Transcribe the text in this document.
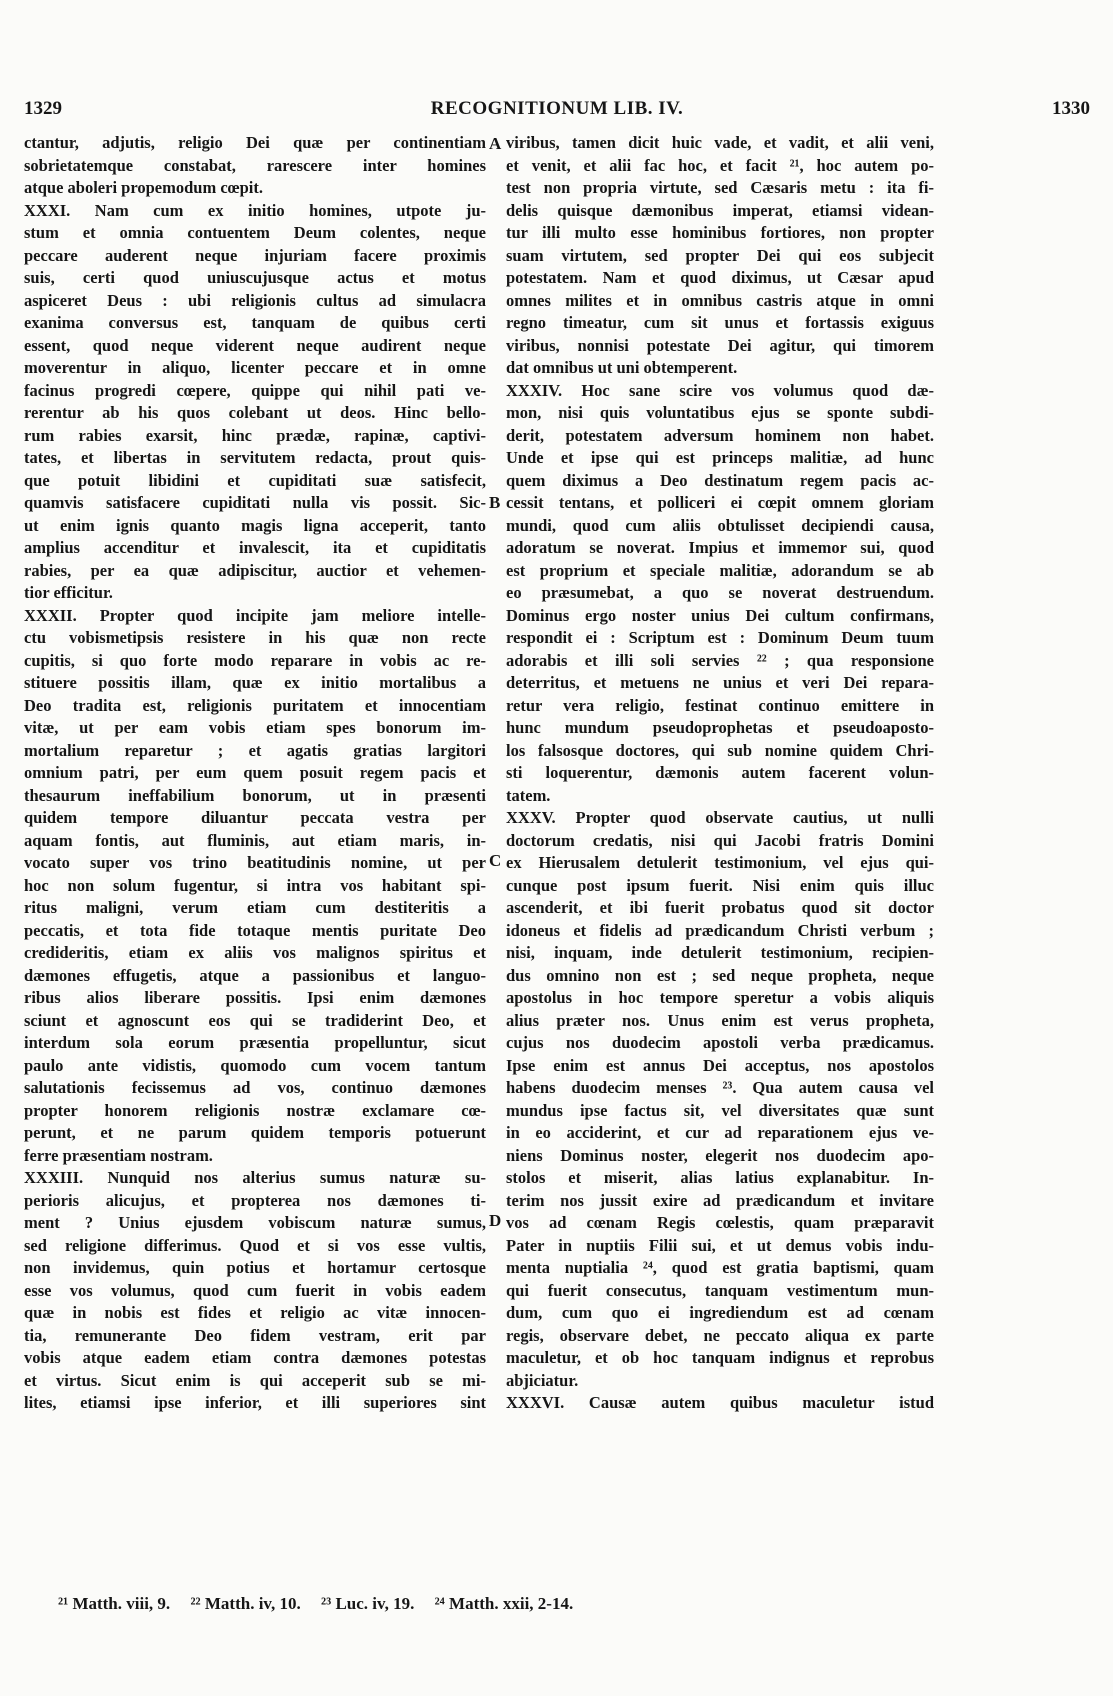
RECOGNITIONUM LIB. IV.
1329	1330
ctantur, adjutis, religio Dei quæ per continentiam
sobrietatemque constabat, rarescere inter homines
atque aboleri propemodum cœpit.
XXXI. Nam cum ex initio homines, utpote ju-
stum et omnia contuentem Deum colentes, neque
peccare auderent neque injuriam facere proximis
suis, certi quod uniuscujusque actus et motus
aspiceret Deus : ubi religionis cultus ad simulacra
exanima conversus est, tanquam de quibus certi
essent, quod neque viderent neque audirent neque
moverentur in aliquo, licenter peccare et in omne
facinus progredi cœpere, quippe qui nihil pati ve-
rerentur ab his quos colebant ut deos. Hinc bello-
rum rabies exarsit, hinc prædæ, rapinæ, captivi-
tates, et libertas in servitutem redacta, prout quis-
que potuit libidini et cupiditati suæ satisfecit,
quamvis satisfacere cupiditati nulla vis possit. Sic-
ut enim ignis quanto magis ligna acceperit, tanto
amplius accenditur et invalescit, ita et cupiditatis
rabies, per ea quæ adipiscitur, auctior et vehemen-
tior efficitur.
XXXII. Propter quod incipite jam meliore intelle-
ctu vobismetipsis resistere in his quæ non recte
cupitis, si quo forte modo reparare in vobis ac re-
stituere possitis illam, quæ ex initio mortalibus a
Deo tradita est, religionis puritatem et innocentiam
vitæ, ut per eam vobis etiam spes bonorum im-
mortalium reparetur ; et agatis gratias largitori
omnium patri, per eum quem posuit regem pacis et
thesaurum ineffabilium bonorum, ut in præsenti
quidem tempore diluantur peccata vestra per
aquam fontis, aut fluminis, aut etiam maris, in-
vocato super vos trino beatitudinis nomine, ut per
hoc non solum fugentur, si intra vos habitant spi-
ritus maligni, verum etiam cum destiteritis a
peccatis, et tota fide totaque mentis puritate Deo
credideritis, etiam ex aliis vos malignos spiritus et
dæmones effugetis, atque a passionibus et languo-
ribus alios liberare possitis. Ipsi enim dæmones
sciunt et agnoscunt eos qui se tradiderint Deo, et
interdum sola eorum præsentia propelluntur, sicut
paulo ante vidistis, quomodo cum vocem tantum
salutationis fecissemus ad vos, continuo dæmones
propter honorem religionis nostræ exclamare cœ-
perunt, et ne parum quidem temporis potuerunt
ferre præsentiam nostram.
XXXIII. Nunquid nos alterius sumus naturæ su-
perioris alicujus, et propterea nos dæmones ti-
ment ? Unius ejusdem vobiscum naturæ sumus,
sed religione differimus. Quod et si vos esse vultis,
non invidemus, quin potius et hortamur certosque
esse vos volumus, quod cum fuerit in vobis eadem
quæ in nobis est fides et religio ac vitæ innocen-
tia, remunerante Deo fidem vestram, erit par
vobis atque eadem etiam contra dæmones potestas
et virtus. Sicut enim is qui acceperit sub se mi-
lites, etiamsi ipse inferior, et illi superiores sint
viribus, tamen dicit huic vade, et vadit, et alii veni,
et venit, et alii fac hoc, et facit ²¹, hoc autem po-
test non propria virtute, sed Cæsaris metu : ita fi-
delis quisque dæmonibus imperat, etiamsi videan-
tur illi multo esse hominibus fortiores, non propter
suam virtutem, sed propter Dei qui eos subjecit
potestatem. Nam et quod diximus, ut Cæsar apud
omnes milites et in omnibus castris atque in omni
regno timeatur, cum sit unus et fortassis exiguus
viribus, nonnisi potestate Dei agitur, qui timorem
dat omnibus ut uni obtemperent.
XXXIV. Hoc sane scire vos volumus quod dæ-
mon, nisi quis voluntatibus ejus se sponte subdi-
derit, potestatem adversum hominem non habet.
Unde et ipse qui est princeps malitiæ, ad hunc
quem diximus a Deo destinatum regem pacis ac-
cessit tentans, et polliceri ei cœpit omnem gloriam
mundi, quod cum aliis obtulisset decipiendi causa,
adoratum se noverat. Impius et immemor sui, quod
est proprium et speciale malitiæ, adorandum se ab
eo præsumebat, a quo se noverat destruendum.
Dominus ergo noster unius Dei cultum confirmans,
respondit ei : Scriptum est : Dominum Deum tuum
adorabis et illi soli servies ²² ; qua responsione
deterritus, et metuens ne unius et veri Dei repara-
retur vera religio, festinat continuo emittere in
hunc mundum pseudoprophetas et pseudoaposto-
los falsosque doctores, qui sub nomine quidem Chri-
sti loquerentur, dæmonis autem facerent volun-
tatem.
XXXV. Propter quod observate cautius, ut nulli
doctorum credatis, nisi qui Jacobi fratris Domini
ex Hierusalem detulerit testimonium, vel ejus qui-
cunque post ipsum fuerit. Nisi enim quis illuc
ascenderit, et ibi fuerit probatus quod sit doctor
idoneus et fidelis ad prædicandum Christi verbum ;
nisi, inquam, inde detulerit testimonium, recipien-
dus omnino non est ; sed neque propheta, neque
apostolus in hoc tempore speretur a vobis aliquis
alius præter nos. Unus enim est verus propheta,
cujus nos duodecim apostoli verba prædicamus.
Ipse enim est annus Dei acceptus, nos apostolos
habens duodecim menses ²³. Qua autem causa vel
mundus ipse factus sit, vel diversitates quæ sunt
in eo acciderint, et cur ad reparationem ejus ve-
niens Dominus noster, elegerit nos duodecim apo-
stolos et miserit, alias latius explanabitur. In-
terim nos jussit exire ad prædicandum et invitare
vos ad cœnam Regis cœlestis, quam præparavit
Pater in nuptiis Filii sui, et ut demus vobis indu-
menta nuptialia ²⁴, quod est gratia baptismi, quam
qui fuerit consecutus, tanquam vestimentum mun-
dum, cum quo ei ingrediendum est ad cœnam
regis, observare debet, ne peccato aliqua ex parte
maculetur, et ob hoc tanquam indignus et reprobus
abjiciatur.
XXXVI. Causæ autem quibus maculetur istud
A
B
C
D
²¹ Matth. viii, 9. ²² Matth. iv, 10. ²³ Luc. iv, 19. ²⁴ Matth. xxii, 2-14.
